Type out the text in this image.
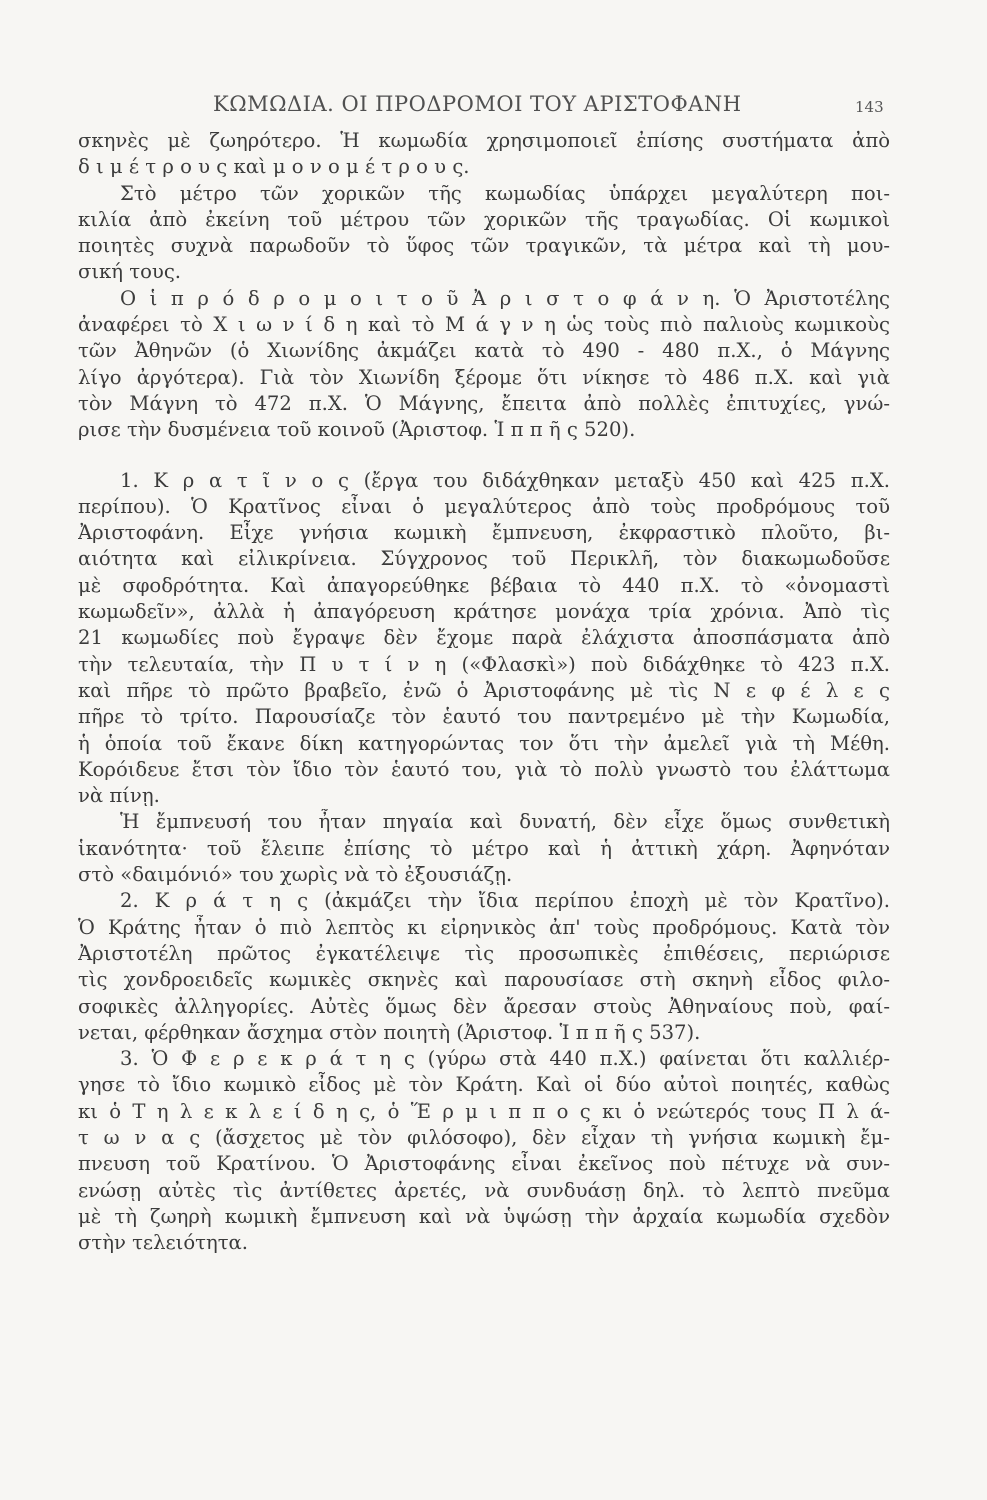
ΚΩΜΩΔΙΑ. ΟΙ ΠΡΟΔΡΟΜΟΙ ΤΟΥ ΑΡΙΣΤΟΦΑΝΗ	143
σκηνὲς μὲ ζωηρότερο. Ἡ κωμωδία χρησιμοποιεῖ ἐπίσης συστήματα ἀπὸ
δ ι μ έ τ ρ ο υ ς καὶ μ ο ν ο μ έ τ ρ ο υ ς.
Στὸ μέτρο τῶν χορικῶν τῆς κωμωδίας ὑπάρχει μεγαλύτερη ποι-
κιλία ἀπὸ ἐκείνη τοῦ μέτρου τῶν χορικῶν τῆς τραγωδίας. Οἱ κωμικοὶ
ποιητὲς συχνὰ παρωδοῦν τὸ ὕφος τῶν τραγικῶν, τὰ μέτρα καὶ τὴ μου-
σική τους.
Ο ἱ π ρ ό δ ρ ο μ ο ι τ ο ῦ Ἀ ρ ι σ τ ο φ ά ν η. Ὁ Ἀριστοτέλης
ἀναφέρει τὸ Χ ι ω ν ί δ η καὶ τὸ Μ ά γ ν η ὡς τοὺς πιὸ παλιοὺς κωμικοὺς
τῶν Ἀθηνῶν (ὁ Χιωνίδης ἀκμάζει κατὰ τὸ 490 - 480 π.Χ., ὁ Μάγνης
λίγο ἀργότερα). Γιὰ τὸν Χιωνίδη ξέρομε ὅτι νίκησε τὸ 486 π.Χ. καὶ γιὰ
τὸν Μάγνη τὸ 472 π.Χ. Ὁ Μάγνης, ἔπειτα ἀπὸ πολλὲς ἐπιτυχίες, γνώ-
ρισε τὴν δυσμένεια τοῦ κοινοῦ (Ἀριστοφ. Ἱ π π ῆ ς 520).
1. Κ ρ α τ ῖ ν ο ς (ἔργα του διδάχθηκαν μεταξὺ 450 καὶ 425 π.Χ.
περίπου). Ὁ Κρατῖνος εἶναι ὁ μεγαλύτερος ἀπὸ τοὺς προδρόμους τοῦ
Ἀριστοφάνη. Εἶχε γνήσια κωμικὴ ἔμπνευση, ἐκφραστικὸ πλοῦτο, βι-
αιότητα καὶ εἰλικρίνεια. Σύγχρονος τοῦ Περικλῆ, τὸν διακωμωδοῦσε
μὲ σφοδρότητα. Καὶ ἀπαγορεύθηκε βέβαια τὸ 440 π.Χ. τὸ «ὀνομαστὶ
κωμωδεῖν», ἀλλὰ ἡ ἀπαγόρευση κράτησε μονάχα τρία χρόνια. Ἀπὸ τὶς
21 κωμωδίες ποὺ ἔγραψε δὲν ἔχομε παρὰ ἐλάχιστα ἀποσπάσματα ἀπὸ
τὴν τελευταία, τὴν Π υ τ ί ν η («Φλασκὶ») ποὺ διδάχθηκε τὸ 423 π.Χ.
καὶ πῆρε τὸ πρῶτο βραβεῖο, ἐνῶ ὁ Ἀριστοφάνης μὲ τὶς Ν ε φ έ λ ε ς
πῆρε τὸ τρίτο. Παρουσίαζε τὸν ἑαυτό του παντρεμένο μὲ τὴν Κωμωδία,
ἡ ὁποία τοῦ ἔκανε δίκη κατηγορώντας τον ὅτι τὴν ἀμελεῖ γιὰ τὴ Μέθη.
Κορόιδευε ἔτσι τὸν ἴδιο τὸν ἑαυτό του, γιὰ τὸ πολὺ γνωστὸ του ἐλάττωμα
νὰ πίνῃ.
Ἡ ἔμπνευσή του ἦταν πηγαία καὶ δυνατή, δὲν εἶχε ὅμως συνθετικὴ
ἱκανότητα· τοῦ ἔλειπε ἐπίσης τὸ μέτρο καὶ ἡ ἀττικὴ χάρη. Ἀφηνόταν
στὸ «δαιμόνιό» του χωρὶς νὰ τὸ ἐξουσιάζῃ.
2. Κ ρ ά τ η ς (ἀκμάζει τὴν ἴδια περίπου ἐποχὴ μὲ τὸν Κρατῖνο).
Ὁ Κράτης ἦταν ὁ πιὸ λεπτὸς κι εἰρηνικὸς ἀπ' τοὺς προδρόμους. Κατὰ τὸν
Ἀριστοτέλη πρῶτος ἐγκατέλειψε τὶς προσωπικὲς ἐπιθέσεις, περιώρισε
τὶς χονδροειδεῖς κωμικὲς σκηνὲς καὶ παρουσίασε στὴ σκηνὴ εἶδος φιλο-
σοφικὲς ἀλληγορίες. Αὐτὲς ὅμως δὲν ἄρεσαν στοὺς Ἀθηναίους ποὺ, φαί-
νεται, φέρθηκαν ἄσχημα στὸν ποιητὴ (Ἀριστοφ. Ἱ π π ῆ ς 537).
3. Ὁ Φ ε ρ ε κ ρ ά τ η ς (γύρω στὰ 440 π.Χ.) φαίνεται ὅτι καλλιέρ-
γησε τὸ ἴδιο κωμικὸ εἶδος μὲ τὸν Κράτη. Καὶ οἱ δύο αὐτοὶ ποιητές, καθὼς
κι ὁ Τ η λ ε κ λ ε ί δ η ς, ὁ Ἕ ρ μ ι π π ο ς κι ὁ νεώτερός τους Π λ ά-
τ ω ν α ς (ἄσχετος μὲ τὸν φιλόσοφο), δὲν εἶχαν τὴ γνήσια κωμικὴ ἔμ-
πνευση τοῦ Κρατίνου. Ὁ Ἀριστοφάνης εἶναι ἐκεῖνος ποὺ πέτυχε νὰ συν-
ενώσῃ αὐτὲς τὶς ἀντίθετες ἀρετές, νὰ συνδυάσῃ δηλ. τὸ λεπτὸ πνεῦμα
μὲ τὴ ζωηρὴ κωμικὴ ἔμπνευση καὶ νὰ ὑψώσῃ τὴν ἀρχαία κωμωδία σχεδὸν
στὴν τελειότητα.
